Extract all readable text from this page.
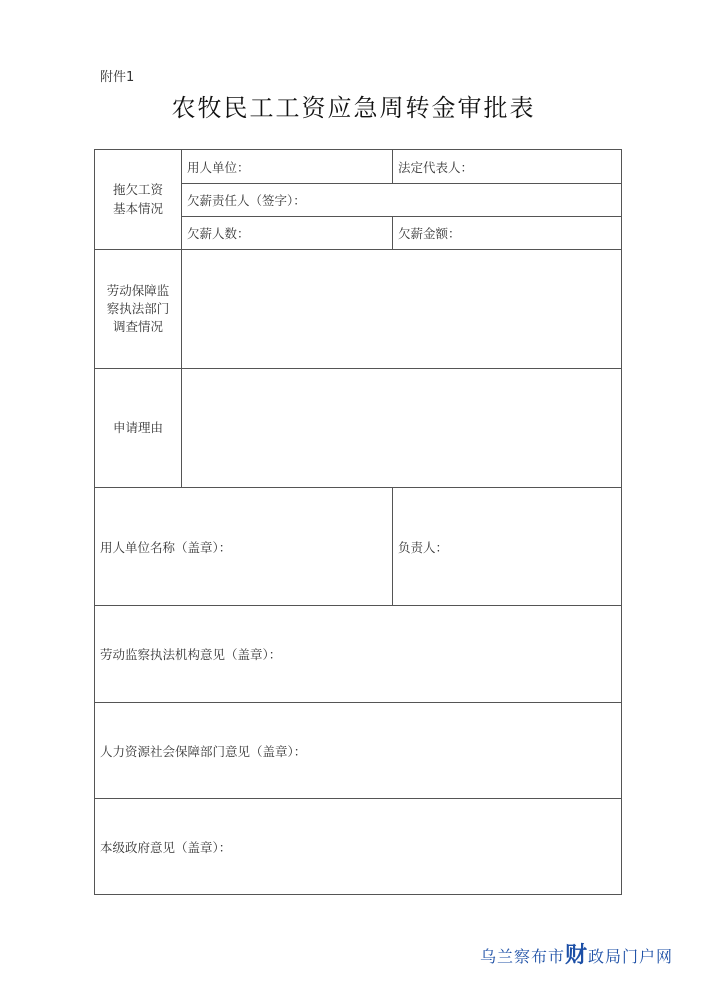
附件1
农牧民工工资应急周转金审批表
拖欠工资
基本情况
用人单位：	法定代表人：
欠薪责任人（签字）：
欠薪人数：	欠薪金额：
劳动保障监
察执法部门
调查情况
申请理由
用人单位名称（盖章）：	负责人：
劳动监察执法机构意见（盖章）：
人力资源社会保障部门意见（盖章）：
本级政府意见（盖章）：
乌兰察布市财政局门户网
